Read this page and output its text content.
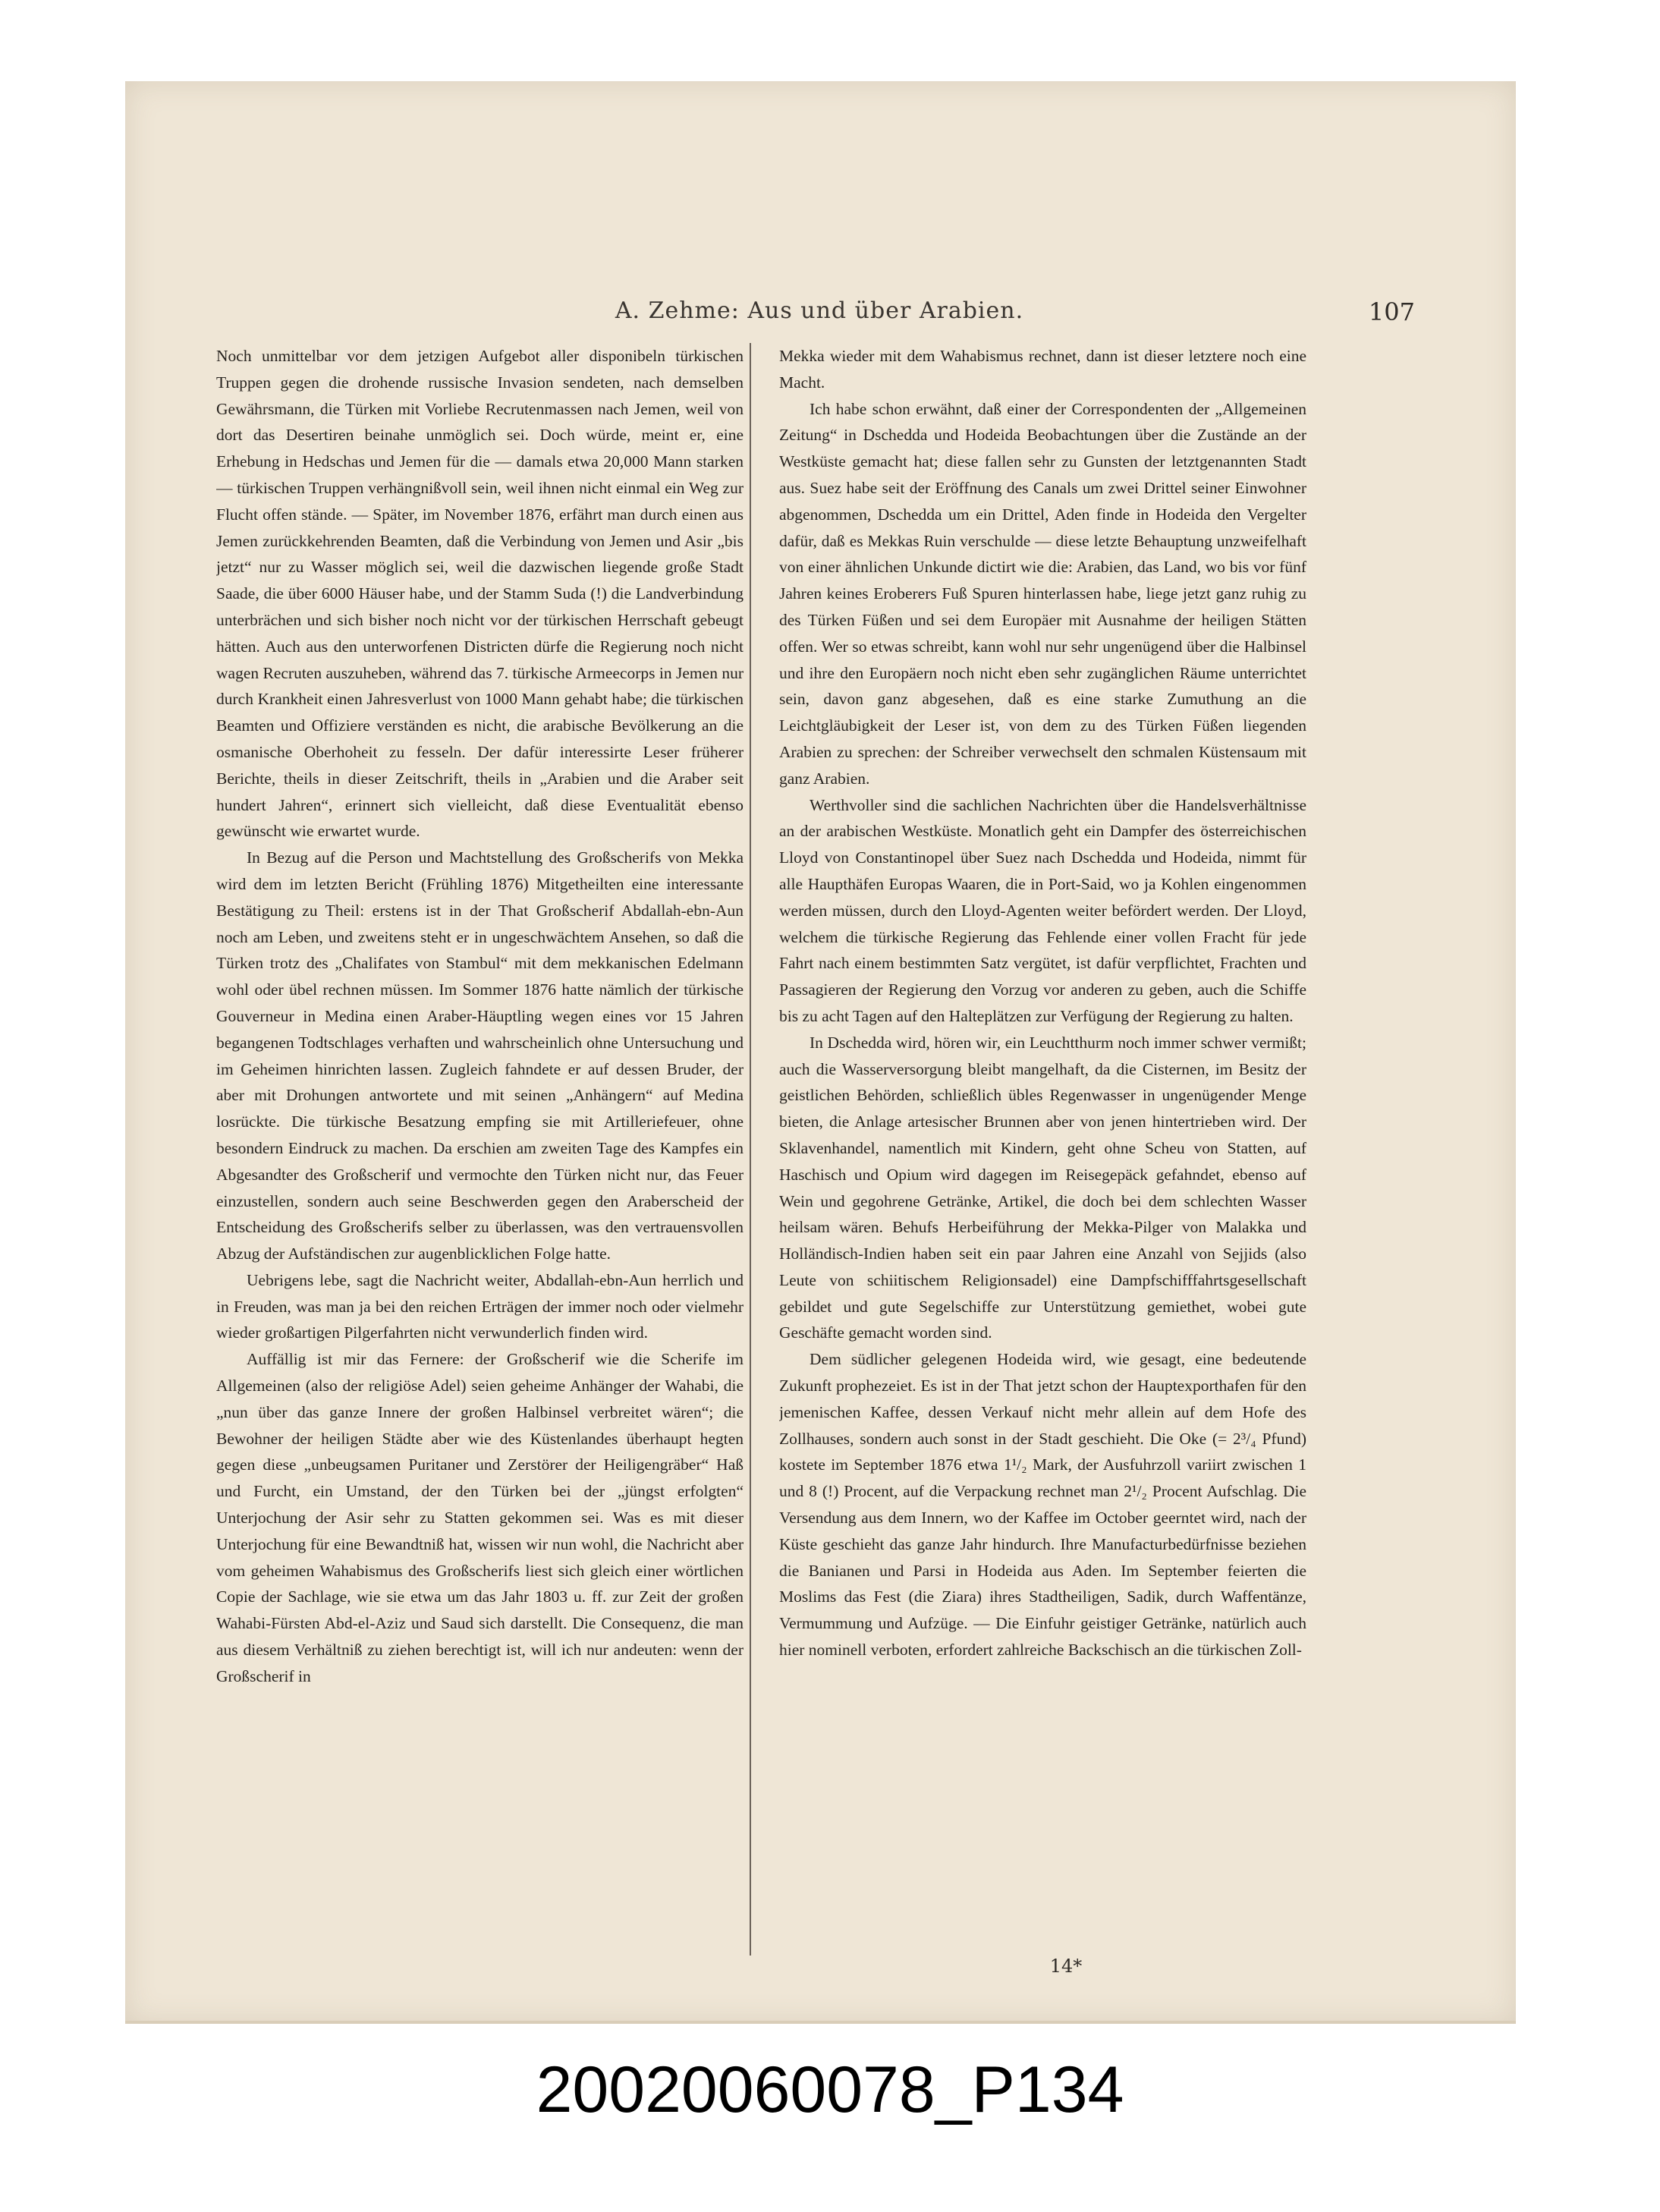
A. Zehme: Aus und über Arabien.	107

Noch unmittelbar vor dem jetzigen Aufgebot aller disponibeln türkischen Truppen gegen die drohende russische Invasion sendeten, nach demselben Gewährsmann, die Türken mit Vorliebe Recrutenmassen nach Jemen, weil von dort das Desertiren beinahe unmöglich sei. Doch würde, meint er, eine Erhebung in Hedschas und Jemen für die — damals etwa 20,000 Mann starken — türkischen Truppen verhängnißvoll sein, weil ihnen nicht einmal ein Weg zur Flucht offen stände. — Später, im November 1876, erfährt man durch einen aus Jemen zurückkehrenden Beamten, daß die Verbindung von Jemen und Asir „bis jetzt“ nur zu Wasser möglich sei, weil die dazwischen liegende große Stadt Saade, die über 6000 Häuser habe, und der Stamm Suda (!) die Landverbindung unterbrächen und sich bisher noch nicht vor der türkischen Herrschaft gebeugt hätten. Auch aus den unterworfenen Districten dürfe die Regierung noch nicht wagen Recruten auszuheben, während das 7. türkische Armeecorps in Jemen nur durch Krankheit einen Jahresverlust von 1000 Mann gehabt habe; die türkischen Beamten und Offiziere verständen es nicht, die arabische Bevölkerung an die osmanische Oberhoheit zu fesseln. Der dafür interessirte Leser früherer Berichte, theils in dieser Zeitschrift, theils in „Arabien und die Araber seit hundert Jahren“, erinnert sich vielleicht, daß diese Eventualität ebenso gewünscht wie erwartet wurde.

In Bezug auf die Person und Machtstellung des Großscherifs von Mekka wird dem im letzten Bericht (Frühling 1876) Mitgetheilten eine interessante Bestätigung zu Theil: erstens ist in der That Großscherif Abdallah-ebn-Aun noch am Leben, und zweitens steht er in ungeschwächtem Ansehen, so daß die Türken trotz des „Chalifates von Stambul“ mit dem mekkanischen Edelmann wohl oder übel rechnen müssen. Im Sommer 1876 hatte nämlich der türkische Gouverneur in Medina einen Araber-Häuptling wegen eines vor 15 Jahren begangenen Todtschlages verhaften und wahrscheinlich ohne Untersuchung und im Geheimen hinrichten lassen. Zugleich fahndete er auf dessen Bruder, der aber mit Drohungen antwortete und mit seinen „Anhängern“ auf Medina losrückte. Die türkische Besatzung empfing sie mit Artilleriefeuer, ohne besondern Eindruck zu machen. Da erschien am zweiten Tage des Kampfes ein Abgesandter des Großscherif und vermochte den Türken nicht nur, das Feuer einzustellen, sondern auch seine Beschwerden gegen den Araberscheid der Entscheidung des Großscherifs selber zu überlassen, was den vertrauensvollen Abzug der Aufständischen zur augenblicklichen Folge hatte.

Uebrigens lebe, sagt die Nachricht weiter, Abdallah-ebn-Aun herrlich und in Freuden, was man ja bei den reichen Erträgen der immer noch oder vielmehr wieder großartigen Pilgerfahrten nicht verwunderlich finden wird.

Auffällig ist mir das Fernere: der Großscherif wie die Scherife im Allgemeinen (also der religiöse Adel) seien geheime Anhänger der Wahabi, die „nun über das ganze Innere der großen Halbinsel verbreitet wären“; die Bewohner der heiligen Städte aber wie des Küstenlandes überhaupt hegten gegen diese „unbeugsamen Puritaner und Zerstörer der Heiligengräber“ Haß und Furcht, ein Umstand, der den Türken bei der „jüngst erfolgten“ Unterjochung der Asir sehr zu Statten gekommen sei. Was es mit dieser Unterjochung für eine Bewandtniß hat, wissen wir nun wohl, die Nachricht aber vom geheimen Wahabismus des Großscherifs liest sich gleich einer wörtlichen Copie der Sachlage, wie sie etwa um das Jahr 1803 u. ff. zur Zeit der großen Wahabi-Fürsten Abd-el-Aziz und Saud sich darstellt. Die Consequenz, die man aus diesem Verhältniß zu ziehen berechtigt ist, will ich nur andeuten: wenn der Großscherif in

Mekka wieder mit dem Wahabismus rechnet, dann ist dieser letztere noch eine Macht.

Ich habe schon erwähnt, daß einer der Correspondenten der „Allgemeinen Zeitung“ in Dschedda und Hodeida Beobachtungen über die Zustände an der Westküste gemacht hat; diese fallen sehr zu Gunsten der letztgenannten Stadt aus. Suez habe seit der Eröffnung des Canals um zwei Drittel seiner Einwohner abgenommen, Dschedda um ein Drittel, Aden finde in Hodeida den Vergelter dafür, daß es Mekkas Ruin verschulde — diese letzte Behauptung unzweifelhaft von einer ähnlichen Unkunde dictirt wie die: Arabien, das Land, wo bis vor fünf Jahren keines Eroberers Fuß Spuren hinterlassen habe, liege jetzt ganz ruhig zu des Türken Füßen und sei dem Europäer mit Ausnahme der heiligen Stätten offen. Wer so etwas schreibt, kann wohl nur sehr ungenügend über die Halbinsel und ihre den Europäern noch nicht eben sehr zugänglichen Räume unterrichtet sein, davon ganz abgesehen, daß es eine starke Zumuthung an die Leichtgläubigkeit der Leser ist, von dem zu des Türken Füßen liegenden Arabien zu sprechen: der Schreiber verwechselt den schmalen Küstensaum mit ganz Arabien.

Werthvoller sind die sachlichen Nachrichten über die Handelsverhältnisse an der arabischen Westküste. Monatlich geht ein Dampfer des österreichischen Lloyd von Constantinopel über Suez nach Dschedda und Hodeida, nimmt für alle Haupthäfen Europas Waaren, die in Port-Said, wo ja Kohlen eingenommen werden müssen, durch den Lloyd-Agenten weiter befördert werden. Der Lloyd, welchem die türkische Regierung das Fehlende einer vollen Fracht für jede Fahrt nach einem bestimmten Satz vergütet, ist dafür verpflichtet, Frachten und Passagieren der Regierung den Vorzug vor anderen zu geben, auch die Schiffe bis zu acht Tagen auf den Halteplätzen zur Verfügung der Regierung zu halten.

In Dschedda wird, hören wir, ein Leuchtthurm noch immer schwer vermißt; auch die Wasserversorgung bleibt mangelhaft, da die Cisternen, im Besitz der geistlichen Behörden, schließlich übles Regenwasser in ungenügender Menge bieten, die Anlage artesischer Brunnen aber von jenen hintertrieben wird. Der Sklavenhandel, namentlich mit Kindern, geht ohne Scheu von Statten, auf Haschisch und Opium wird dagegen im Reisegepäck gefahndet, ebenso auf Wein und gegohrene Getränke, Artikel, die doch bei dem schlechten Wasser heilsam wären. Behufs Herbeiführung der Mekka-Pilger von Malakka und Holländisch-Indien haben seit ein paar Jahren eine Anzahl von Sejjids (also Leute von schiitischem Religionsadel) eine Dampfschifffahrtsgesellschaft gebildet und gute Segelschiffe zur Unterstützung gemiethet, wobei gute Geschäfte gemacht worden sind.

Dem südlicher gelegenen Hodeida wird, wie gesagt, eine bedeutende Zukunft prophezeiet. Es ist in der That jetzt schon der Hauptexporthafen für den jemenischen Kaffee, dessen Verkauf nicht mehr allein auf dem Hofe des Zollhauses, sondern auch sonst in der Stadt geschieht. Die Oke (= 2³/₄ Pfund) kostete im September 1876 etwa 1¹/₂ Mark, der Ausfuhrzoll variirt zwischen 1 und 8 (!) Procent, auf die Verpackung rechnet man 2¹/₂ Procent Aufschlag. Die Versendung aus dem Innern, wo der Kaffee im October geerntet wird, nach der Küste geschieht das ganze Jahr hindurch. Ihre Manufacturbedürfnisse beziehen die Banianen und Parsi in Hodeida aus Aden. Im September feierten die Moslims das Fest (die Ziara) ihres Stadtheiligen, Sadik, durch Waffentänze, Vermummung und Aufzüge. — Die Einfuhr geistiger Getränke, natürlich auch hier nominell verboten, erfordert zahlreiche Backschisch an die türkischen Zoll-

14*
20020060078_P134
